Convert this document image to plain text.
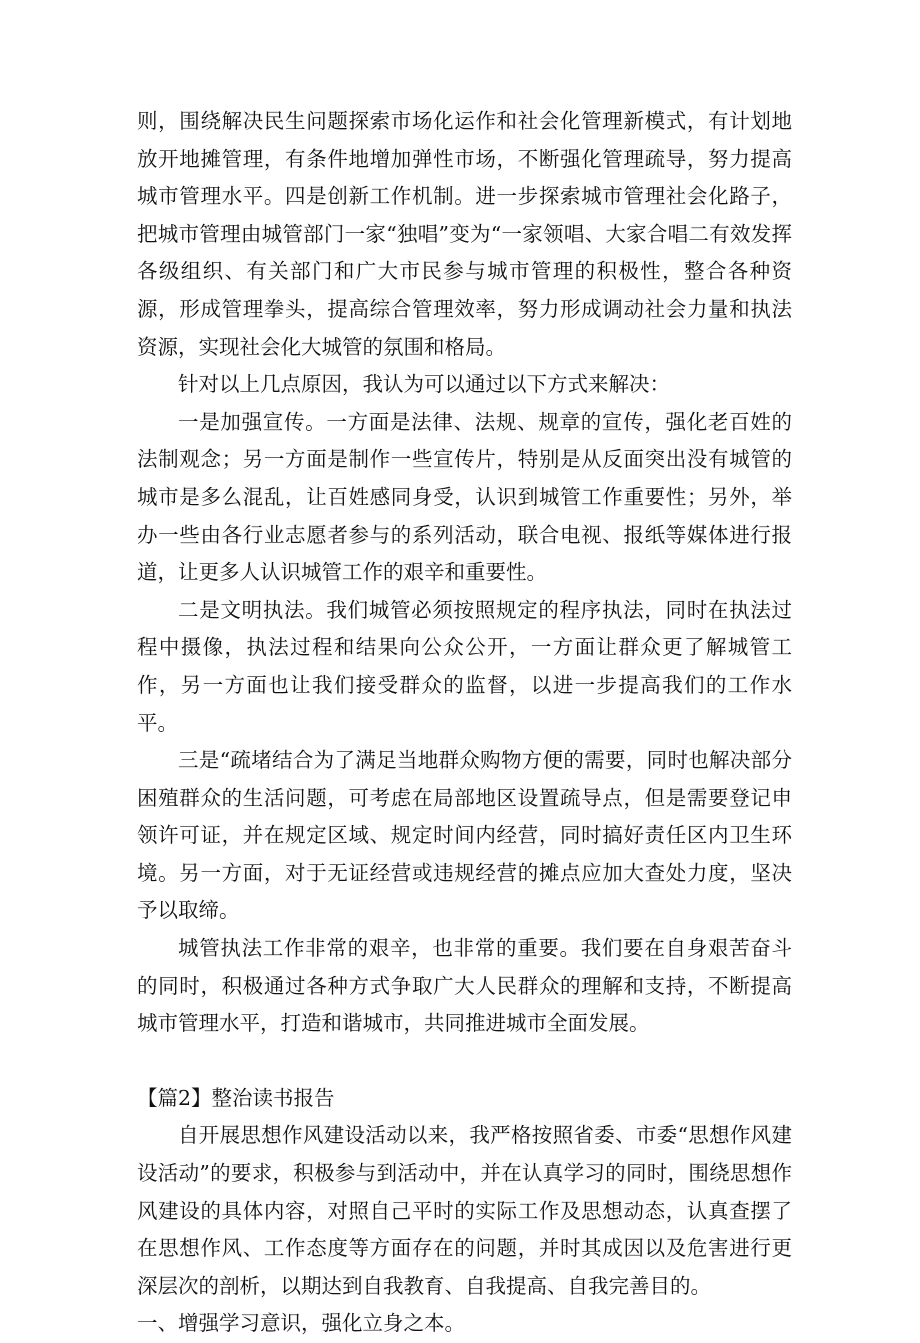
则，围绕解决民生问题探索市场化运作和社会化管理新模式，有计划地放开地摊管理，有条件地增加弹性市场，不断强化管理疏导，努力提高城市管理水平。四是创新工作机制。进一步探索城市管理社会化路子，把城市管理由城管部门一家“独唱”变为“一家领唱、大家合唱二有效发挥各级组织、有关部门和广大市民参与城市管理的积极性，整合各种资源，形成管理拳头，提高综合管理效率，努力形成调动社会力量和执法资源，实现社会化大城管的氛围和格局。

针对以上几点原因，我认为可以通过以下方式来解决：

一是加强宣传。一方面是法律、法规、规章的宣传，强化老百姓的法制观念；另一方面是制作一些宣传片，特别是从反面突出没有城管的城市是多么混乱，让百姓感同身受，认识到城管工作重要性；另外，举办一些由各行业志愿者参与的系列活动，联合电视、报纸等媒体进行报道，让更多人认识城管工作的艰辛和重要性。

二是文明执法。我们城管必须按照规定的程序执法，同时在执法过程中摄像，执法过程和结果向公众公开，一方面让群众更了解城管工作，另一方面也让我们接受群众的监督，以进一步提高我们的工作水平。

三是“疏堵结合为了满足当地群众购物方便的需要，同时也解决部分困殖群众的生活问题，可考虑在局部地区设置疏导点，但是需要登记申领许可证，并在规定区域、规定时间内经营，同时搞好责任区内卫生环境。另一方面，对于无证经营或违规经营的摊点应加大查处力度，坚决予以取缔。

城管执法工作非常的艰辛，也非常的重要。我们要在自身艰苦奋斗的同时，积极通过各种方式争取广大人民群众的理解和支持，不断提高城市管理水平，打造和谐城市，共同推进城市全面发展。

【篇2】整治读书报告

自开展思想作风建设活动以来，我严格按照省委、市委“思想作风建设活动”的要求，积极参与到活动中，并在认真学习的同时，围绕思想作风建设的具体内容，对照自己平时的实际工作及思想动态，认真查摆了在思想作风、工作态度等方面存在的问题，并时其成因以及危害进行更深层次的剖析，以期达到自我教育、自我提高、自我完善目的。

一、增强学习意识，强化立身之本。
